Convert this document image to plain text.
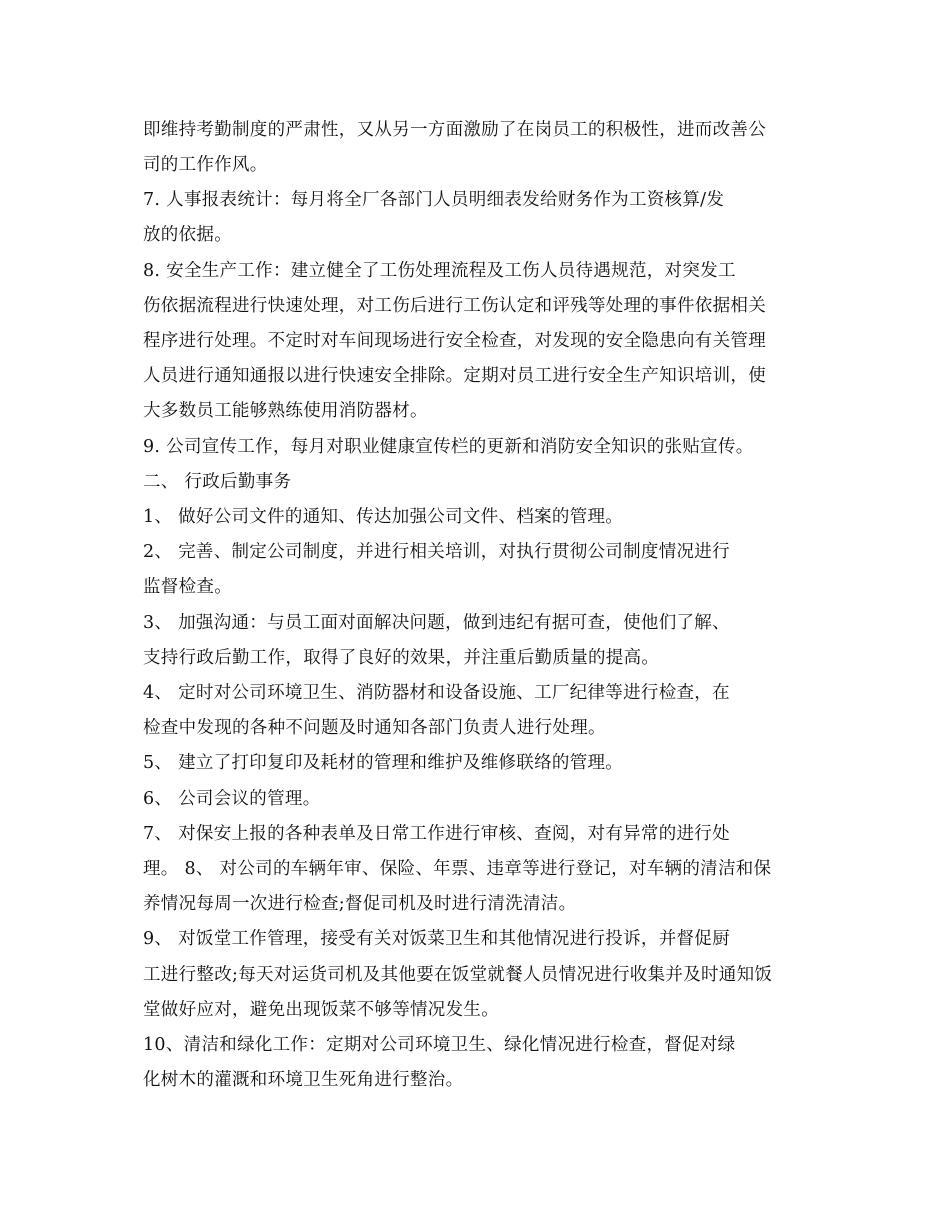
即维持考勤制度的严肃性，又从另一方面激励了在岗员工的积极性，进而改善公
司的工作作风。
7. 人事报表统计：每月将全厂各部门人员明细表发给财务作为工资核算/发
放的依据。
8. 安全生产工作：建立健全了工伤处理流程及工伤人员待遇规范，对突发工
伤依据流程进行快速处理，对工伤后进行工伤认定和评残等处理的事件依据相关
程序进行处理。不定时对车间现场进行安全检查，对发现的安全隐患向有关管理
人员进行通知通报以进行快速安全排除。定期对员工进行安全生产知识培训，使
大多数员工能够熟练使用消防器材。
9. 公司宣传工作，每月对职业健康宣传栏的更新和消防安全知识的张贴宣传。
二、 行政后勤事务
1、 做好公司文件的通知、传达加强公司文件、档案的管理。
2、 完善、制定公司制度，并进行相关培训，对执行贯彻公司制度情况进行
监督检查。
3、 加强沟通：与员工面对面解决问题，做到违纪有据可查，使他们了解、
支持行政后勤工作，取得了良好的效果，并注重后勤质量的提高。
4、 定时对公司环境卫生、消防器材和设备设施、工厂纪律等进行检查，在
检查中发现的各种不问题及时通知各部门负责人进行处理。
5、 建立了打印复印及耗材的管理和维护及维修联络的管理。
6、 公司会议的管理。
7、 对保安上报的各种表单及日常工作进行审核、查阅，对有异常的进行处
理。 8、 对公司的车辆年审、保险、年票、违章等进行登记，对车辆的清洁和保
养情况每周一次进行检查;督促司机及时进行清洗清洁。
9、 对饭堂工作管理，接受有关对饭菜卫生和其他情况进行投诉，并督促厨
工进行整改;每天对运货司机及其他要在饭堂就餐人员情况进行收集并及时通知饭
堂做好应对，避免出现饭菜不够等情况发生。
10、清洁和绿化工作：定期对公司环境卫生、绿化情况进行检查，督促对绿
化树木的灌溉和环境卫生死角进行整治。
